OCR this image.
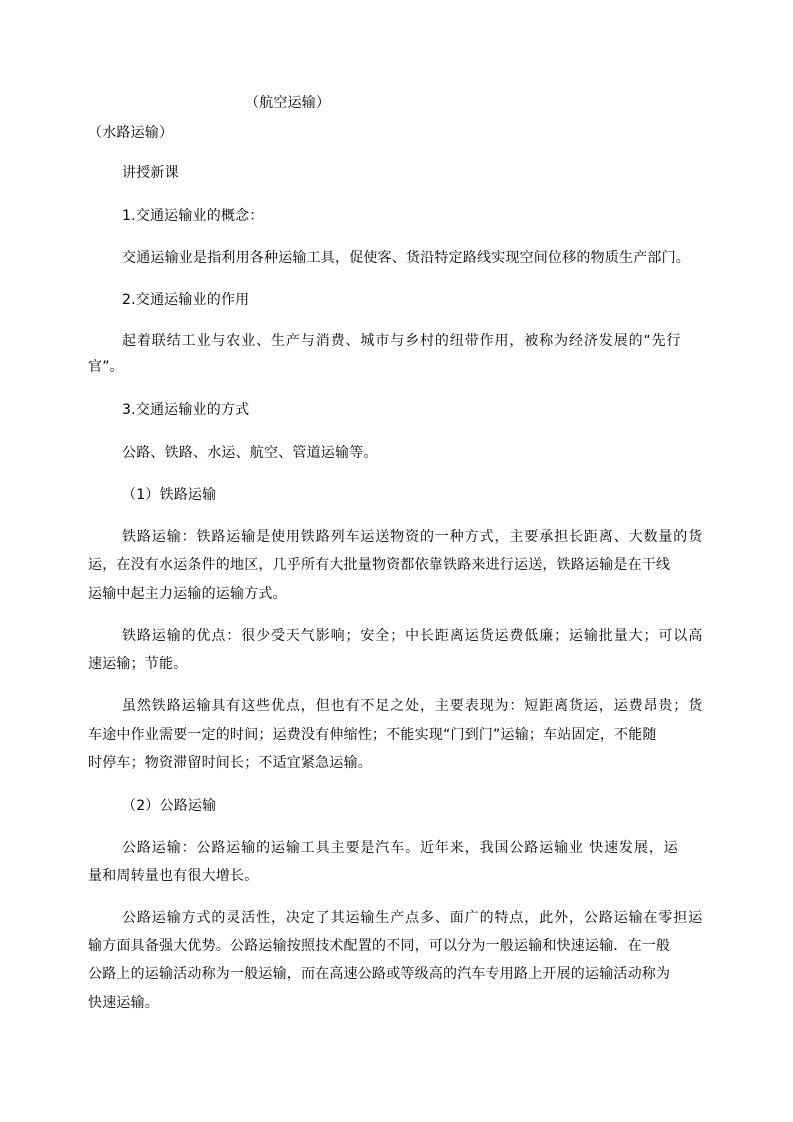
（航空运输）
（水路运输）
讲授新课
1.交通运输业的概念：
交通运输业是指利用各种运输工具，促使客、货沿特定路线实现空间位移的物质生产部门。
2.交通运输业的作用
起着联结工业与农业、生产与消费、城市与乡村的纽带作用，被称为经济发展的“先行
官”。
3.交通运输业的方式
公路、铁路、水运、航空、管道运输等。
（1）铁路运输
铁路运输：铁路运输是使用铁路列车运送物资的一种方式，主要承担长距离、大数量的货
运，在没有水运条件的地区，几乎所有大批量物资都依靠铁路来进行运送，铁路运输是在干线
运输中起主力运输的运输方式。
铁路运输的优点：很少受天气影响；安全；中长距离运货运费低廉；运输批量大；可以高
速运输；节能。
虽然铁路运输具有这些优点，但也有不足之处，主要表现为：短距离货运，运费昂贵；货
车途中作业需要一定的时间；运费没有伸缩性；不能实现“门到门”运输；车站固定，不能随
时停车；物资滞留时间长；不适宜紧急运输。
（2）公路运输
公路运输：公路运输的运输工具主要是汽车。近年来，我国公路运输业 快速发展，运
量和周转量也有很大增长。
公路运输方式的灵活性，决定了其运输生产点多、面广的特点，此外，公路运输在零担运
输方面具备强大优势。公路运输按照技术配置的不同，可以分为一般运输和快速运输．在一般
公路上的运输活动称为一般运输，而在高速公路或等级高的汽车专用路上开展的运输活动称为
快速运输。
